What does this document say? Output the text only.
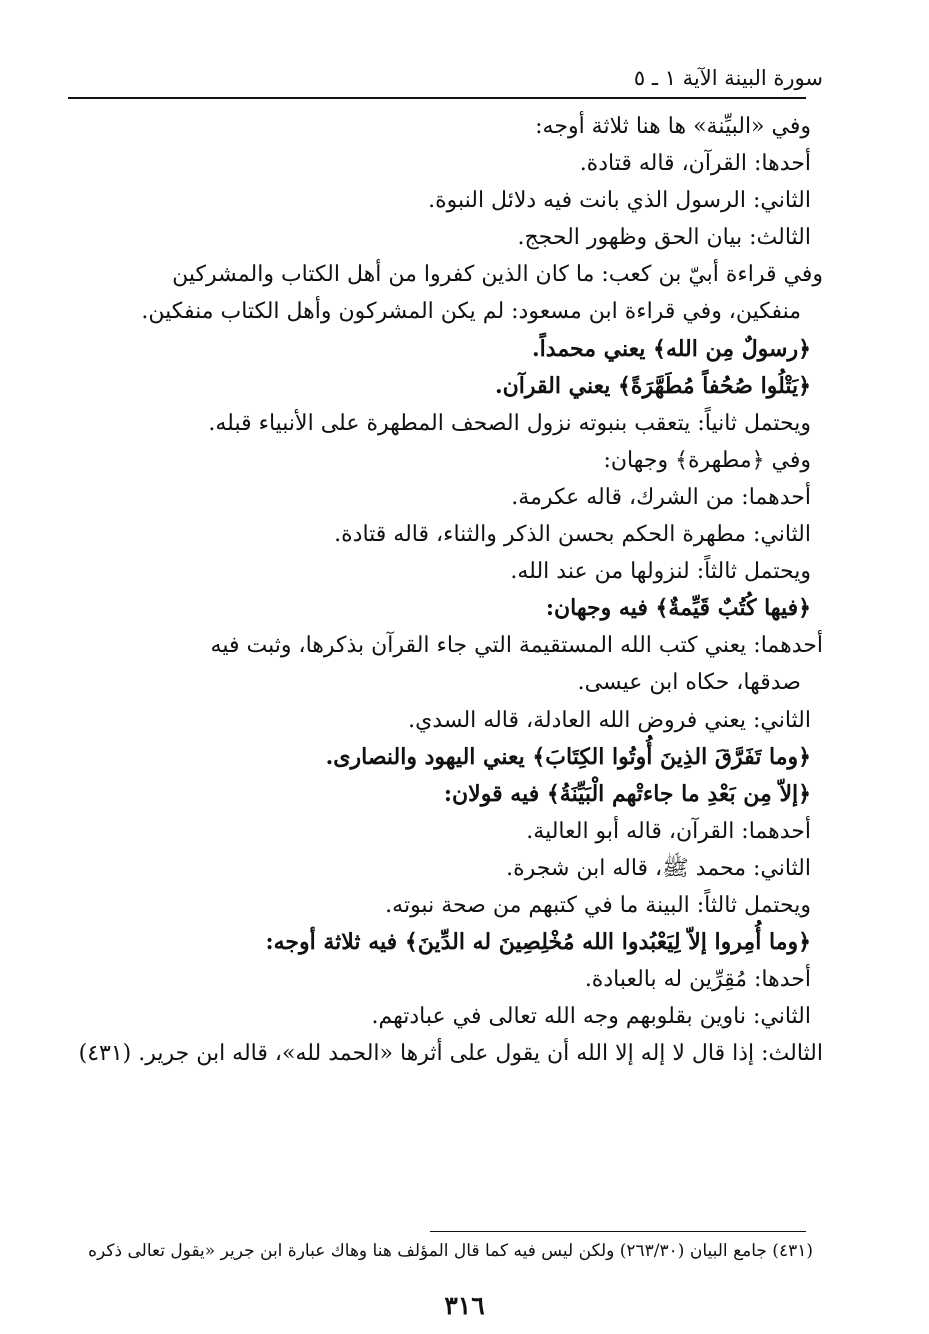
سورة البينة الآية ١ ـ ٥
وفي «البيِّنة» ها هنا ثلاثة أوجه:
أحدها: القرآن، قاله قتادة.
الثاني: الرسول الذي بانت فيه دلائل النبوة.
الثالث: بيان الحق وظهور الحجج.
وفي قراءة أبيّ بن كعب: ما كان الذين كفروا من أهل الكتاب والمشركين
منفكين، وفي قراءة ابن مسعود: لم يكن المشركون وأهل الكتاب منفكين.
﴿رسولٌ مِن الله﴾ يعني محمداً.
﴿يَتْلُوا صُحُفاً مُطَهَّرَةً﴾ يعني القرآن.
ويحتمل ثانياً: يتعقب بنبوته نزول الصحف المطهرة على الأنبياء قبله.
وفي ﴿مطهرة﴾ وجهان:
أحدهما: من الشرك، قاله عكرمة.
الثاني: مطهرة الحكم بحسن الذكر والثناء، قاله قتادة.
ويحتمل ثالثاً: لنزولها من عند الله.
﴿فيها كُتُبٌ قَيِّمةٌ﴾ فيه وجهان:
أحدهما: يعني كتب الله المستقيمة التي جاء القرآن بذكرها، وثبت فيه
صدقها، حكاه ابن عيسى.
الثاني: يعني فروض الله العادلة، قاله السدي.
﴿وما تَفَرَّقَ الذِينَ أُوتُوا الكِتَابَ﴾ يعني اليهود والنصارى.
﴿إلاّ مِن بَعْدِ ما جاءتْهم الْبَيِّنَةُ﴾ فيه قولان:
أحدهما: القرآن، قاله أبو العالية.
الثاني: محمد ﷺ، قاله ابن شجرة.
ويحتمل ثالثاً: البينة ما في كتبهم من صحة نبوته.
﴿وما أُمِروا إلاّ لِيَعْبُدوا الله مُخْلِصِينَ له الدِّينَ﴾ فيه ثلاثة أوجه:
أحدها: مُقِرِّين له بالعبادة.
الثاني: ناوين بقلوبهم وجه الله تعالى في عبادتهم.
الثالث: إذا قال لا إله إلا الله أن يقول على أثرها «الحمد لله»، قاله ابن جرير. (٤٣١)
(٤٣١) جامع البيان (٢٦٣/٣٠) ولكن ليس فيه كما قال المؤلف هنا وهاك عبارة ابن جرير «يقول تعالى ذكره
٣١٦
